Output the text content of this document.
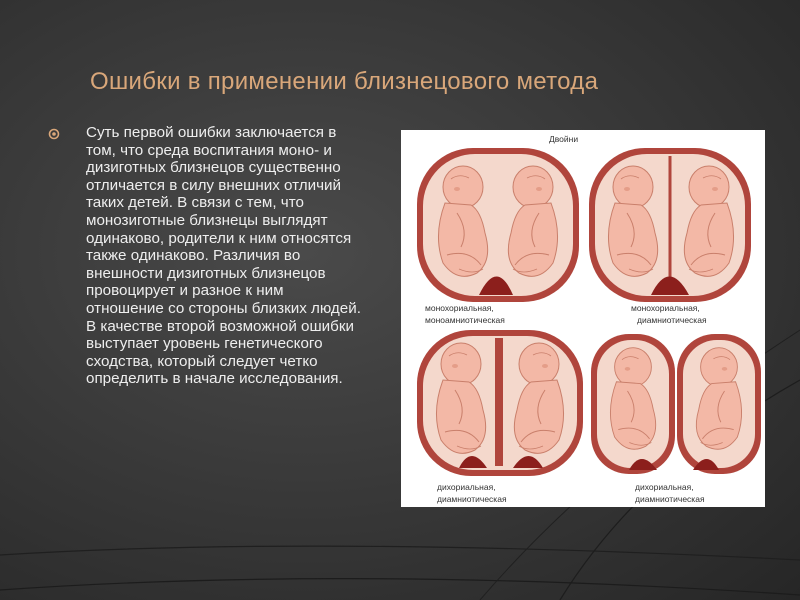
Ошибки в применении близнецового метода

Суть первой ошибки заключается в том, что среда воспитания моно- и дизиготных близнецов существенно отличается в силу внешних отличий таких детей. В связи с тем, что монозиготные близнецы выглядят одинаково, родители к ним относятся также одинаково. Различия во внешности дизиготных близнецов провоцирует и разное к ним отношение со стороны близких людей. В качестве второй возможной ошибки выступает уровень генетического сходства, который следует четко определить в начале исследования.

Двойни
монохориальная,
моноамниотическая
монохориальная,
диамниотическая
дихориальная,
диамниотическая
дихориальная,
диамниотическая
